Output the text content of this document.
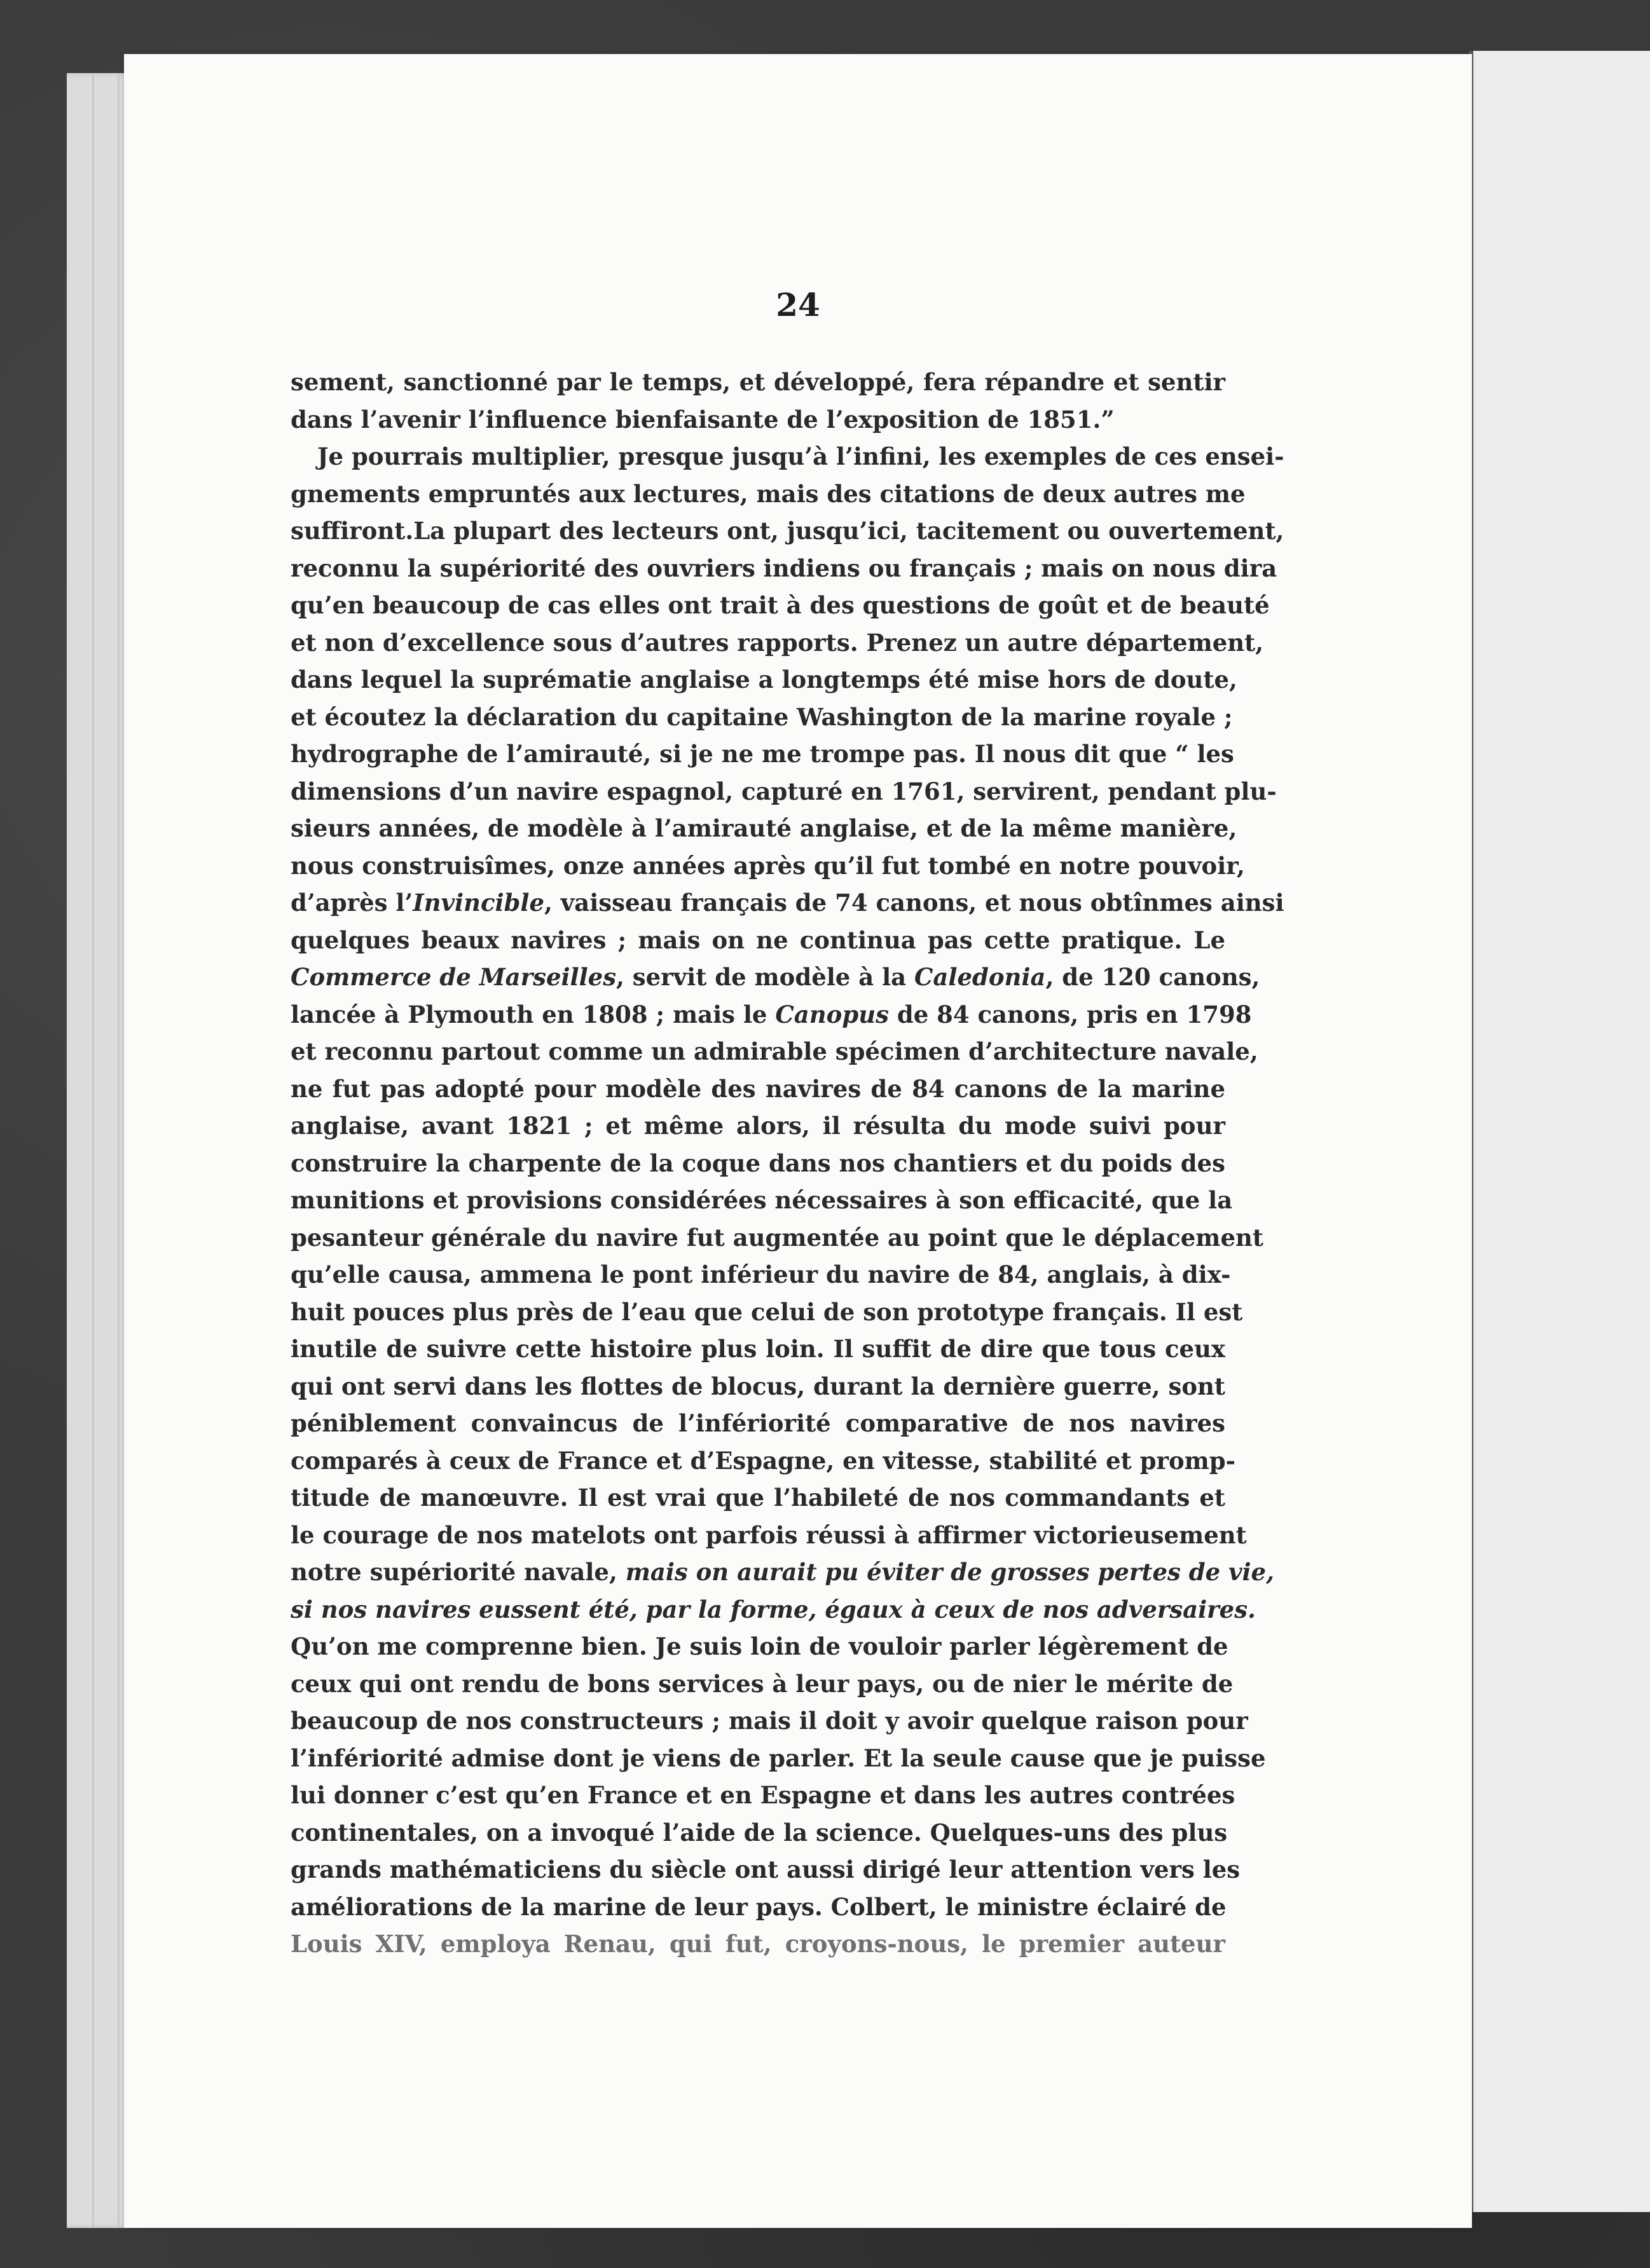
24
sement, sanctionné par le temps, et développé, fera répandre et sentir
dans l’avenir l’influence bienfaisante de l’exposition de 1851.”
Je pourrais multiplier, presque jusqu’à l’infini, les exemples de ces ensei-
gnements empruntés aux lectures, mais des citations de deux autres me
suffiront.La plupart des lecteurs ont, jusqu’ici, tacitement ou ouvertement,
reconnu la supériorité des ouvriers indiens ou français ; mais on nous dira
qu’en beaucoup de cas elles ont trait à des questions de goût et de beauté
et non d’excellence sous d’autres rapports. Prenez un autre département,
dans lequel la suprématie anglaise a longtemps été mise hors de doute,
et écoutez la déclaration du capitaine Washington de la marine royale ;
hydrographe de l’amirauté, si je ne me trompe pas. Il nous dit que “ les
dimensions d’un navire espagnol, capturé en 1761, servirent, pendant plu-
sieurs années, de modèle à l’amirauté anglaise, et de la même manière,
nous construisîmes, onze années après qu’il fut tombé en notre pouvoir,
d’après l’Invincible, vaisseau français de 74 canons, et nous obtînmes ainsi
quelques beaux navires ; mais on ne continua pas cette pratique. Le
Commerce de Marseilles, servit de modèle à la Caledonia, de 120 canons,
lancée à Plymouth en 1808 ; mais le Canopus de 84 canons, pris en 1798
et reconnu partout comme un admirable spécimen d’architecture navale,
ne fut pas adopté pour modèle des navires de 84 canons de la marine
anglaise, avant 1821 ; et même alors, il résulta du mode suivi pour
construire la charpente de la coque dans nos chantiers et du poids des
munitions et provisions considérées nécessaires à son efficacité, que la
pesanteur générale du navire fut augmentée au point que le déplacement
qu’elle causa, ammena le pont inférieur du navire de 84, anglais, à dix-
huit pouces plus près de l’eau que celui de son prototype français. Il est
inutile de suivre cette histoire plus loin. Il suffit de dire que tous ceux
qui ont servi dans les flottes de blocus, durant la dernière guerre, sont
péniblement convaincus de l’infériorité comparative de nos navires
comparés à ceux de France et d’Espagne, en vitesse, stabilité et promp-
titude de manœuvre. Il est vrai que l’habileté de nos commandants et
le courage de nos matelots ont parfois réussi à affirmer victorieusement
notre supériorité navale, mais on aurait pu éviter de grosses pertes de vie,
si nos navires eussent été, par la forme, égaux à ceux de nos adversaires.
Qu’on me comprenne bien. Je suis loin de vouloir parler légèrement de
ceux qui ont rendu de bons services à leur pays, ou de nier le mérite de
beaucoup de nos constructeurs ; mais il doit y avoir quelque raison pour
l’infériorité admise dont je viens de parler. Et la seule cause que je puisse
lui donner c’est qu’en France et en Espagne et dans les autres contrées
continentales, on a invoqué l’aide de la science. Quelques-uns des plus
grands mathématiciens du siècle ont aussi dirigé leur attention vers les
améliorations de la marine de leur pays. Colbert, le ministre éclairé de
Louis XIV, employa Renau, qui fut, croyons-nous, le premier auteur
